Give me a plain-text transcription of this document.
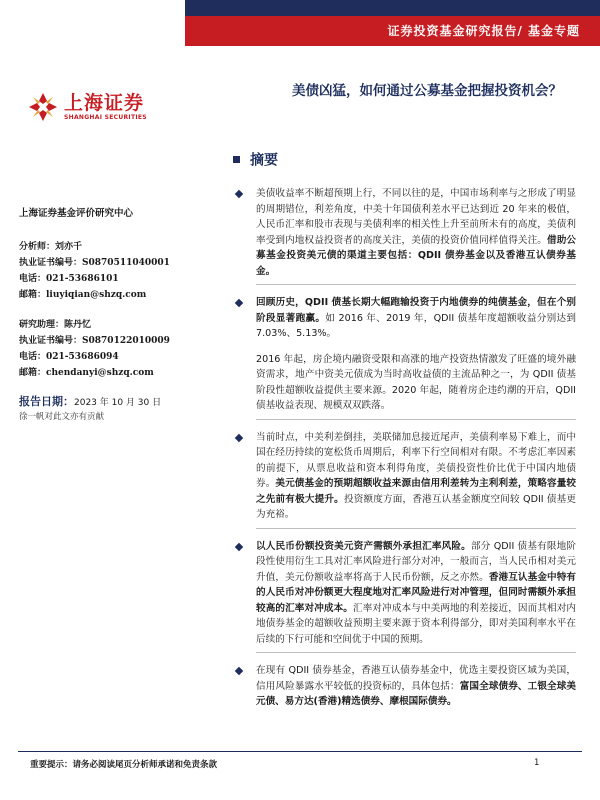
证券投资基金研究报告/ 基金专题
上海证券
SHANGHAI SECURITIES
美债凶猛，如何通过公募基金把握投资机会？
摘要
上海证券基金评价研究中心
分析师：刘亦千
执业证书编号：S0870511040001
电话：021-53686101
邮箱：liuyiqian@shzq.com
研究助理：陈丹忆
执业证书编号：S0870122010009
电话：021-53686094
邮箱：chendanyi@shzq.com
报告日期：2023 年 10 月 30 日
徐一帆对此文亦有贡献
美债收益率不断超预期上行，不同以往的是，中国市场利率与之形成了明显的周期错位，利差角度，中美十年国债利差水平已达到近 20 年来的极值，人民币汇率和股市表现与美债利率的相关性上升至前所未有的高度，美债利率受到内地权益投资者的高度关注，美债的投资价值同样值得关注。借助公募基金投资美元债的渠道主要包括：QDII 债券基金以及香港互认债券基金。
回顾历史，QDII 债基长期大幅跑输投资于内地债券的纯债基金，但在个别阶段显著跑赢。如 2016 年、2019 年，QDII 债基年度超额收益分别达到 7.03%、5.13%。
2016 年起，房企境内融资受限和高涨的地产投资热情激发了旺盛的境外融资需求，地产中资美元债成为当时高收益债的主流品种之一，为 QDII 债基阶段性超额收益提供主要来源。2020 年起，随着房企违约潮的开启，QDII 债基收益表现、规模双双跌落。
当前时点，中美利差倒挂，美联储加息接近尾声，美债利率易下难上，而中国在经历持续的宽松货币周期后，利率下行空间相对有限。不考虑汇率因素的前提下，从票息收益和资本利得角度，美债投资性价比优于中国内地债券。美元债基金的预期超额收益来源由信用利差转为主利利差，策略容量较之先前有极大提升。投资额度方面，香港互认基金额度空间较 QDII 债基更为充裕。
以人民币份额投资美元资产需额外承担汇率风险。部分 QDII 债基有限地阶段性使用衍生工具对汇率风险进行部分对冲，一般而言，当人民币相对美元升值，美元份额收益率将高于人民币份额，反之亦然。香港互认基金中特有的人民币对冲份额更大程度地对汇率风险进行对冲管理，但同时需额外承担较高的汇率对冲成本。汇率对冲成本与中美两地的利差接近，因而其相对内地债券基金的超额收益预期主要来源于资本利得部分，即对美国利率水平在后续的下行可能和空间优于中国的预期。
在现有 QDII 债券基金，香港互认债券基金中，优选主要投资区域为美国，信用风险暴露水平较低的投资标的，具体包括：富国全球债券、工银全球美元债、易方达(香港)精选债券、摩根国际债券。
重要提示：请务必阅读尾页分析师承诺和免责条款	1
